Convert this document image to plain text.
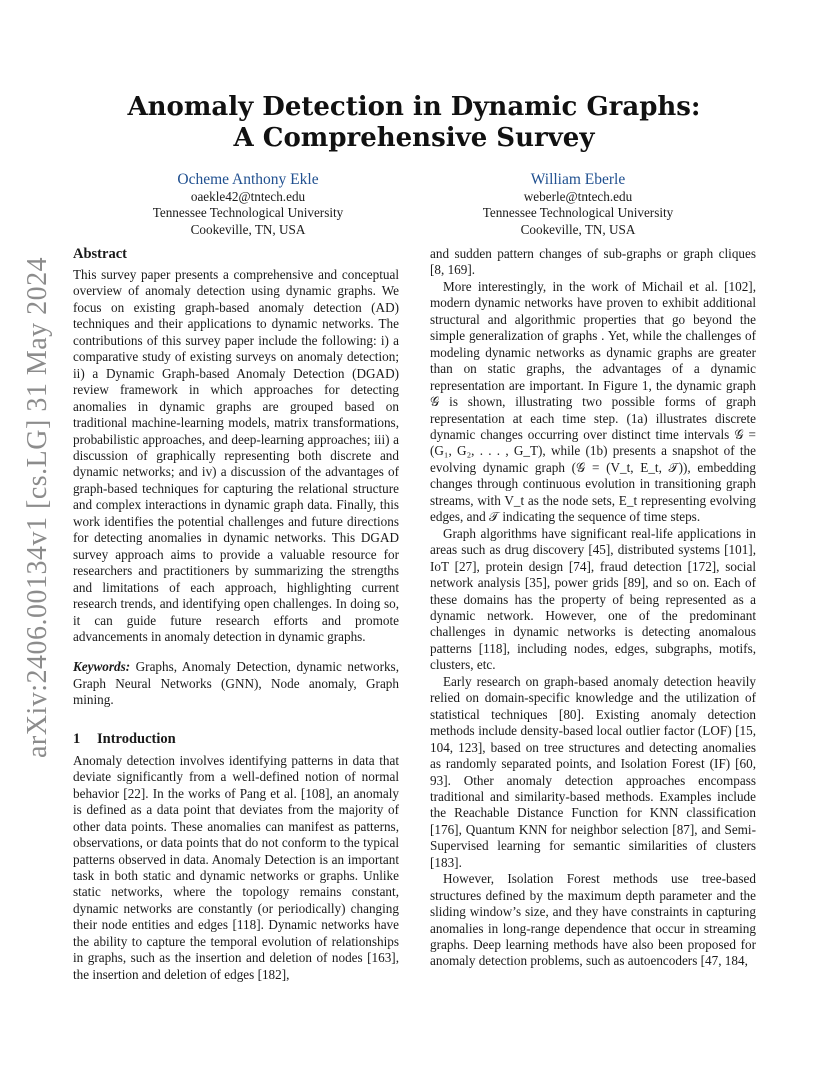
arXiv:2406.00134v1 [cs.LG] 31 May 2024
Anomaly Detection in Dynamic Graphs: A Comprehensive Survey
Ocheme Anthony Ekle
oaekle42@tntech.edu
Tennessee Technological University
Cookeville, TN, USA
William Eberle
weberle@tntech.edu
Tennessee Technological University
Cookeville, TN, USA
Abstract

This survey paper presents a comprehensive and conceptual overview of anomaly detection using dynamic graphs. We focus on existing graph-based anomaly detection (AD) techniques and their applications to dynamic networks. The contributions of this survey paper include the following: i) a comparative study of existing surveys on anomaly detection; ii) a Dynamic Graph-based Anomaly Detection (DGAD) review framework in which approaches for detecting anomalies in dynamic graphs are grouped based on traditional machine-learning models, matrix transformations, probabilistic approaches, and deep-learning approaches; iii) a discussion of graphically representing both discrete and dynamic networks; and iv) a discussion of the advantages of graph-based techniques for capturing the relational structure and complex interactions in dynamic graph data. Finally, this work identifies the potential challenges and future directions for detecting anomalies in dynamic networks. This DGAD survey approach aims to provide a valuable resource for researchers and practitioners by summarizing the strengths and limitations of each approach, highlighting current research trends, and identifying open challenges. In doing so, it can guide future research efforts and promote advancements in anomaly detection in dynamic graphs.

Keywords: Graphs, Anomaly Detection, dynamic networks, Graph Neural Networks (GNN), Node anomaly, Graph mining.

1 Introduction

Anomaly detection involves identifying patterns in data that deviate significantly from a well-defined notion of normal behavior [22]. In the works of Pang et al. [108], an anomaly is defined as a data point that deviates from the majority of other data points. These anomalies can manifest as patterns, observations, or data points that do not conform to the typical patterns observed in data. Anomaly Detection is an important task in both static and dynamic networks or graphs. Unlike static networks, where the topology remains constant, dynamic networks are constantly (or periodically) changing their node entities and edges [118]. Dynamic networks have the ability to capture the temporal evolution of relationships in graphs, such as the insertion and deletion of nodes [163], the insertion and deletion of edges [182],

and sudden pattern changes of sub-graphs or graph cliques [8, 169].

More interestingly, in the work of Michail et al. [102], modern dynamic networks have proven to exhibit additional structural and algorithmic properties that go beyond the simple generalization of graphs . Yet, while the challenges of modeling dynamic networks as dynamic graphs are greater than on static graphs, the advantages of a dynamic representation are important. In Figure 1, the dynamic graph 𝒢 is shown, illustrating two possible forms of graph representation at each time step. (1a) illustrates discrete dynamic changes occurring over distinct time intervals 𝒢 = (G₁, G₂, . . . , G_T), while (1b) presents a snapshot of the evolving dynamic graph (𝒢 = (V_t, E_t, 𝒯)), embedding changes through continuous evolution in transitioning graph streams, with V_t as the node sets, E_t representing evolving edges, and 𝒯 indicating the sequence of time steps.

Graph algorithms have significant real-life applications in areas such as drug discovery [45], distributed systems [101], IoT [27], protein design [74], fraud detection [172], social network analysis [35], power grids [89], and so on. Each of these domains has the property of being represented as a dynamic network. However, one of the predominant challenges in dynamic networks is detecting anomalous patterns [118], including nodes, edges, subgraphs, motifs, clusters, etc.

Early research on graph-based anomaly detection heavily relied on domain-specific knowledge and the utilization of statistical techniques [80]. Existing anomaly detection methods include density-based local outlier factor (LOF) [15, 104, 123], based on tree structures and detecting anomalies as randomly separated points, and Isolation Forest (IF) [60, 93]. Other anomaly detection approaches encompass traditional and similarity-based methods. Examples include the Reachable Distance Function for KNN classification [176], Quantum KNN for neighbor selection [87], and Semi-Supervised learning for semantic similarities of clusters [183].

However, Isolation Forest methods use tree-based structures defined by the maximum depth parameter and the sliding window’s size, and they have constraints in capturing anomalies in long-range dependence that occur in streaming graphs. Deep learning methods have also been proposed for anomaly detection problems, such as autoencoders [47, 184,
